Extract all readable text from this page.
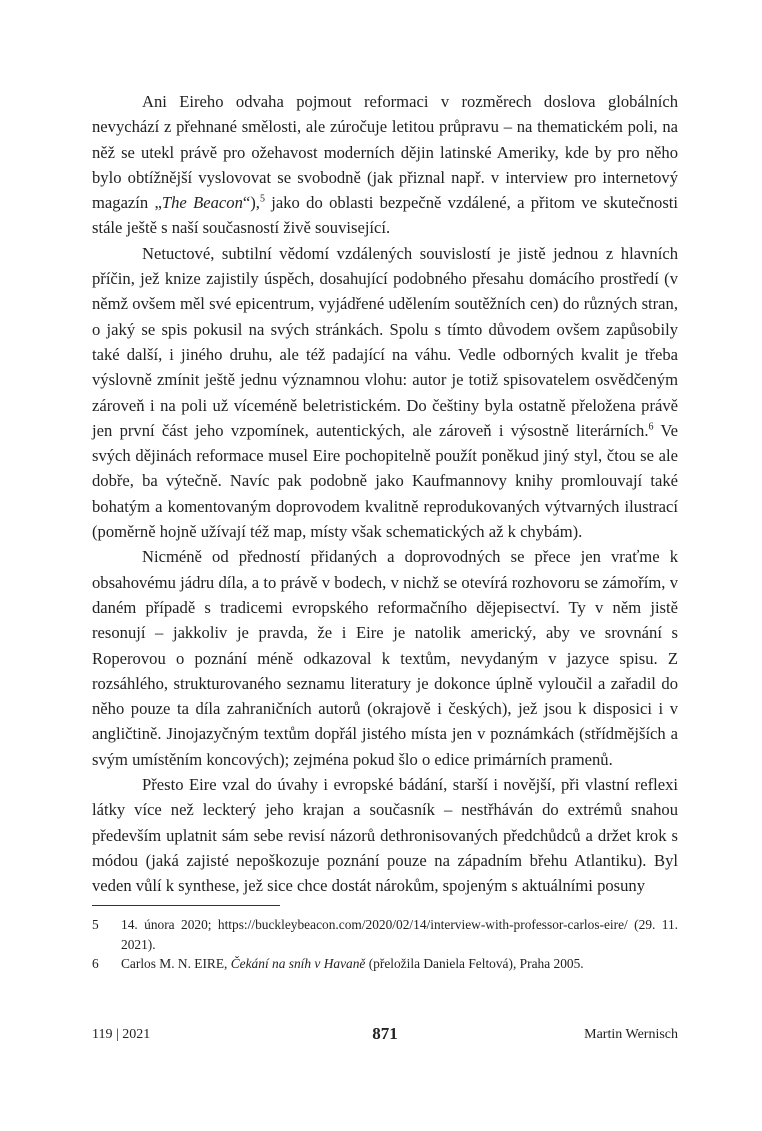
Ani Eireho odvaha pojmout reformaci v rozměrech doslova globálních nevychází z přehnané smělosti, ale zúročuje letitou průpravu – na thematickém poli, na něž se utekl právě pro ožehavost moderních dějin latinské Ameriky, kde by pro něho bylo obtížnější vyslovovat se svobodně (jak přiznal např. v interview pro internetový magazín „The Beacon“),$^5$ jako do oblasti bezpečně vzdálené, a přitom ve skutečnosti stále ještě s naší současností živě související.

Netuctové, subtilní vědomí vzdálených souvislostí je jistě jednou z hlavních příčin, jež knize zajistily úspěch, dosahující podobného přesahu domácího prostředí (v němž ovšem měl své epicentrum, vyjádřené udělením soutěžních cen) do různých stran, o jaký se spis pokusil na svých stránkách. Spolu s tímto důvodem ovšem zapůsobily také další, i jiného druhu, ale též padající na váhu. Vedle odborných kvalit je třeba výslovně zmínit ještě jednu významnou vlohu: autor je totiž spisovatelem osvědčeným zároveň i na poli už víceméně beletristickém. Do češtiny byla ostatně přeložena právě jen první část jeho vzpomínek, autentických, ale zároveň i výsostně literárních.$^6$ Ve svých dějinách reformace musel Eire pochopitelně použít poněkud jiný styl, čtou se ale dobře, ba výtečně. Navíc pak podobně jako Kaufmannovy knihy promlouvají také bohatým a komentovaným doprovodem kvalitně reprodukovaných výtvarných ilustrací (poměrně hojně užívají též map, místy však schematických až k chybám).

Nicméně od předností přidaných a doprovodných se přece jen vraťme k obsahovému jádru díla, a to právě v bodech, v nichž se otevírá rozhovoru se zámořím, v daném případě s tradicemi evropského reformačního dějepisectví. Ty v něm jistě resonují – jakkoliv je pravda, že i Eire je natolik americký, aby ve srovnání s Roperovou o poznání méně odkazoval k textům, nevydaným v jazyce spisu. Z rozsáhlého, strukturovaného seznamu literatury je dokonce úplně vyloučil a zařadil do něho pouze ta díla zahraničních autorů (okrajově i českých), jež jsou k disposici i v angličtině. Jinojazyčným textům dopřál jistého místa jen v poznámkách (střídmějších a svým umístěním koncových); zejména pokud šlo o edice primárních pramenů.

Přesto Eire vzal do úvahy i evropské bádání, starší i novější, při vlastní reflexi látky více než leckterý jeho krajan a současník – nestřháván do extrémů snahou především uplatnit sám sebe revisí názorů dethronisovaných předchůdců a držet krok s módou (jaká zajisté nepoškozuje poznání pouze na západním břehu Atlantiku). Byl veden vůlí k synthese, jež sice chce dostát nárokům, spojeným s aktuálními posuny

5	14. února 2020; https://buckleybeacon.com/2020/02/14/interview-with-professor-carlos-eire/ (29. 11. 2021).
6	Carlos M. N. EIRE, Čekání na sníh v Havaně (přeložila Daniela Feltová), Praha 2005.
119 | 2021	871	Martin Wernisch
